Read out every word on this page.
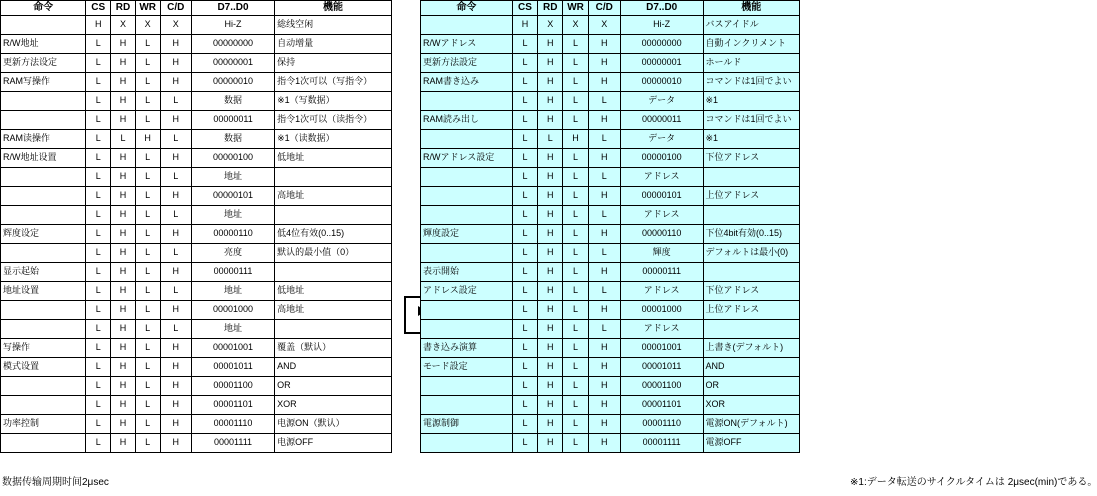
命令	CS	RD	WR	C/D	D7..D0	機能
	H	X	X	X	Hi-Z	総线空闲
R/W地址	L	H	L	H	00000000	自动增量
更新方法设定	L	H	L	H	00000001	保持
RAM写操作	L	H	L	H	00000010	指令1次可以（写指令）
	L	H	L	L	数据	※1（写数据）
	L	H	L	H	00000011	指令1次可以（读指令）
RAM读操作	L	L	H	L	数据	※1（读数据）
R/W地址设置	L	H	L	H	00000100	低地址
	L	H	L	L	地址	
	L	H	L	H	00000101	高地址
	L	H	L	L	地址	
辉度设定	L	H	L	H	00000110	低4位有效(0..15)
	L	H	L	L	亮度	默认的最小值（0）
显示起始	L	H	L	H	00000111	
地址设置	L	H	L	L	地址	低地址
	L	H	L	H	00001000	高地址
	L	H	L	L	地址	
写操作	L	H	L	H	00001001	覆盖（默认）
模式设置	L	H	L	H	00001011	AND
	L	H	L	H	00001100	OR
	L	H	L	H	00001101	XOR
功率控制	L	H	L	H	00001110	电源ON（默认）
	L	H	L	H	00001111	电源OFF
数据传输周期时间2μsec
命令	CS	RD	WR	C/D	D7..D0	機能
	H	X	X	X	Hi-Z	バスアイドル
R/Wアドレス	L	H	L	H	00000000	自動インクリメント
更新方法設定	L	H	L	H	00000001	ホールド
RAM書き込み	L	H	L	H	00000010	コマンドは1回でよい
	L	H	L	L	データ	※1
RAM読み出し	L	H	L	H	00000011	コマンドは1回でよい
	L	L	H	L	データ	※1
R/Wアドレス設定	L	H	L	H	00000100	下位アドレス
	L	H	L	L	アドレス	
	L	H	L	H	00000101	上位アドレス
	L	H	L	L	アドレス	
輝度設定	L	H	L	H	00000110	下位4bit有効(0..15)
	L	H	L	L	輝度	デフォルトは最小(0)
表示開始	L	H	L	H	00000111	
アドレス設定	L	H	L	L	アドレス	下位アドレス
	L	H	L	H	00001000	上位アドレス
	L	H	L	L	アドレス	
書き込み演算	L	H	L	H	00001001	上書き(デフォルト)
モード設定	L	H	L	H	00001011	AND
	L	H	L	H	00001100	OR
	L	H	L	H	00001101	XOR
電源制御	L	H	L	H	00001110	電源ON(デフォルト)
	L	H	L	H	00001111	電源OFF
※1:データ転送のサイクルタイムは 2μsec(min)である。
